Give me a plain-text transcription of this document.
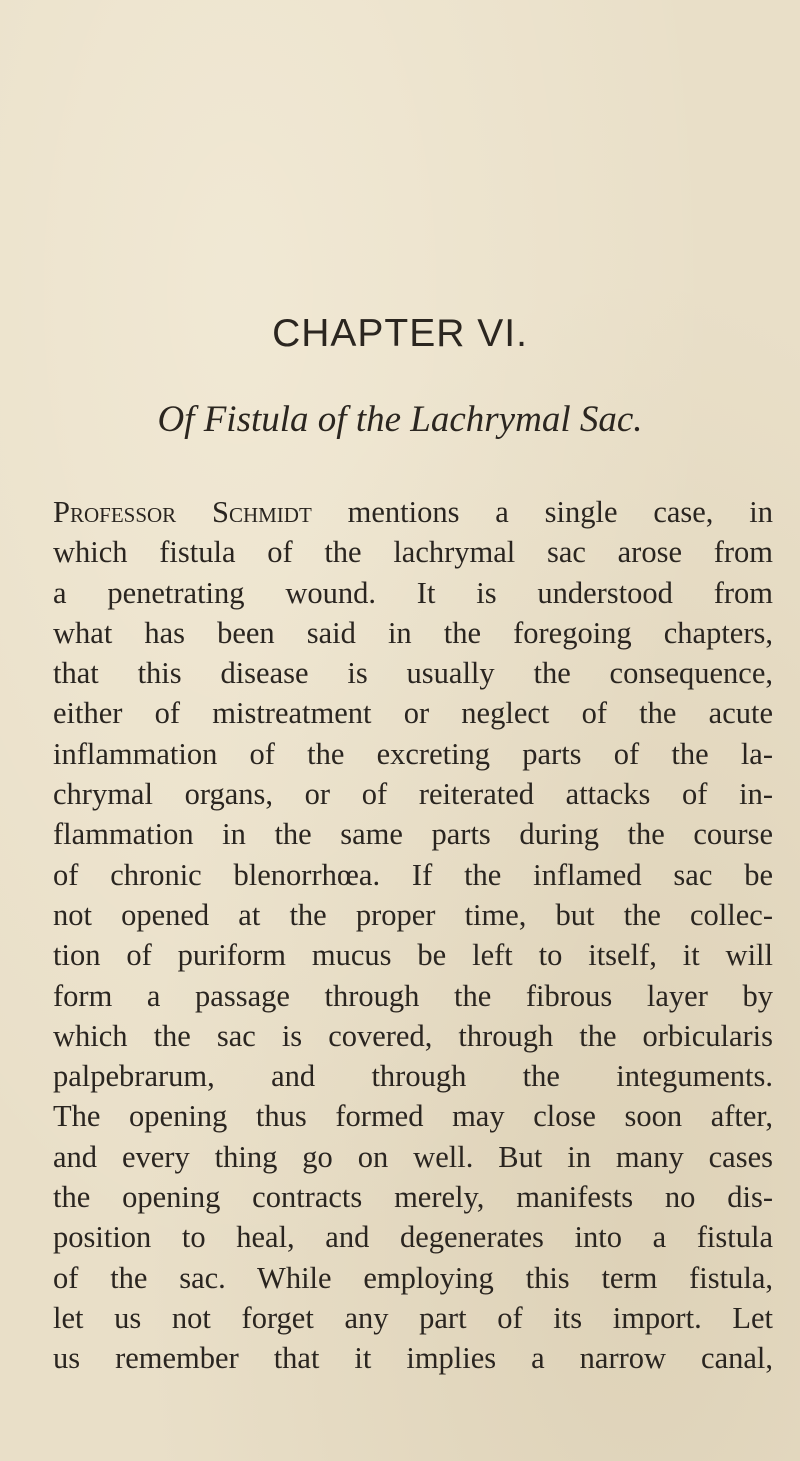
CHAPTER VI.
Of Fistula of the Lachrymal Sac.
Professor Schmidt mentions a single case, in
which fistula of the lachrymal sac arose from
a penetrating wound. It is understood from
what has been said in the foregoing chapters,
that this disease is usually the consequence,
either of mistreatment or neglect of the acute
inflammation of the excreting parts of the la-
chrymal organs, or of reiterated attacks of in-
flammation in the same parts during the course
of chronic blenorrhœa. If the inflamed sac be
not opened at the proper time, but the collec-
tion of puriform mucus be left to itself, it will
form a passage through the fibrous layer by
which the sac is covered, through the orbicularis
palpebrarum, and through the integuments.
The opening thus formed may close soon after,
and every thing go on well. But in many cases
the opening contracts merely, manifests no dis-
position to heal, and degenerates into a fistula
of the sac. While employing this term fistula,
let us not forget any part of its import. Let
us remember that it implies a narrow canal,
